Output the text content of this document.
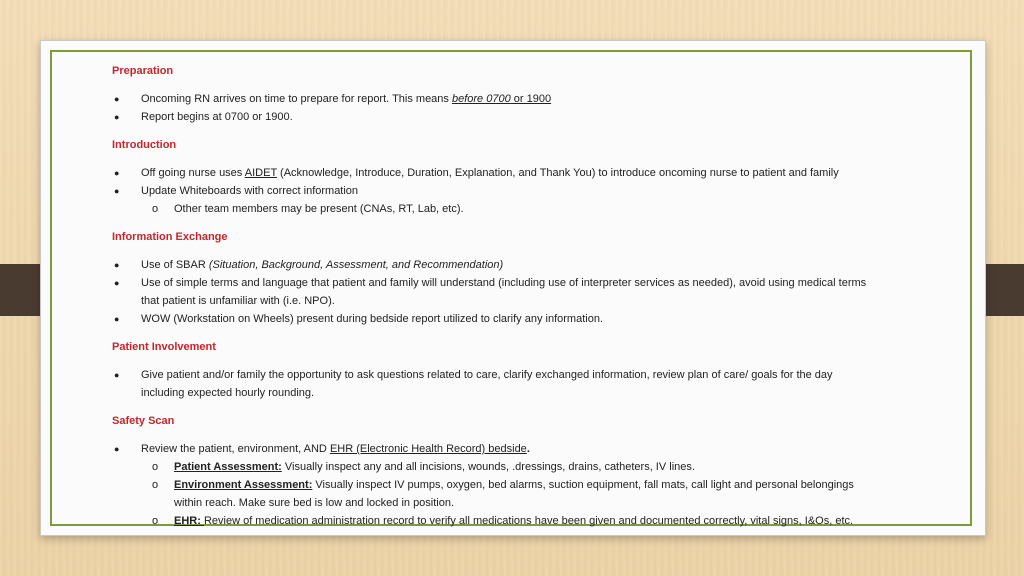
Preparation
● Oncoming RN arrives on time to prepare for report. This means before 0700 or 1900
● Report begins at 0700 or 1900.
Introduction
● Off going nurse uses AIDET (Acknowledge, Introduce, Duration, Explanation, and Thank You) to introduce oncoming nurse to patient and family
● Update Whiteboards with correct information
o Other team members may be present (CNAs, RT, Lab, etc).
Information Exchange
● Use of SBAR (Situation, Background, Assessment, and Recommendation)
● Use of simple terms and language that patient and family will understand (including use of interpreter services as needed), avoid using medical terms
that patient is unfamiliar with (i.e. NPO).
● WOW (Workstation on Wheels) present during bedside report utilized to clarify any information.
Patient Involvement
● Give patient and/or family the opportunity to ask questions related to care, clarify exchanged information, review plan of care/ goals for the day
including expected hourly rounding.
Safety Scan
● Review the patient, environment, AND EHR (Electronic Health Record) bedside.
o Patient Assessment: Visually inspect any and all incisions, wounds, .dressings, drains, catheters, IV lines.
o Environment Assessment: Visually inspect IV pumps, oxygen, bed alarms, suction equipment, fall mats, call light and personal belongings
within reach. Make sure bed is low and locked in position.
o EHR: Review of medication administration record to verify all medications have been given and documented correctly, vital signs, I&Os, etc.
